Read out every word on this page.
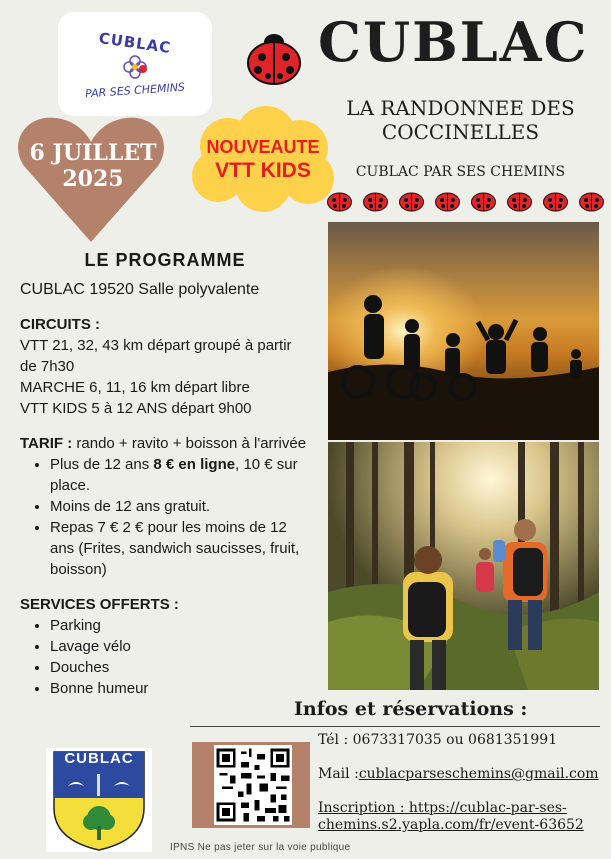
CUBLAC
PAR SES CHEMINS
6 JUILLET
2025
NOUVEAUTE
VTT KIDS
CUBLAC
LA RANDONNEE DES COCCINELLES
CUBLAC PAR SES CHEMINS
LE PROGRAMME
CUBLAC 19520 Salle polyvalente

CIRCUITS :

VTT 21, 32, 43 km départ groupé à partir de 7h30

MARCHE 6, 11, 16 km départ libre

VTT KIDS 5 à 12 ANS départ 9h00

TARIF : rando + ravito + boisson à l'arrivée

• Plus de 12 ans 8 € en ligne, 10 € sur place.
• Moins de 12 ans gratuit.
• Repas 7 € 2 € pour les moins de 12 ans (Frites, sandwich saucisses, fruit, boisson)

SERVICES OFFERTS :

• Parking
• Lavage vélo
• Douches
• Bonne humeur
Infos et réservations :
Tél : 0673317035 ou 0681351991
Mail :cublacparseschemins@gmail.com
Inscription : https://cublac-par-ses-
chemins.s2.yapla.com/fr/event-63652
CUBLAC
IPNS Ne pas jeter sur la voie publique
